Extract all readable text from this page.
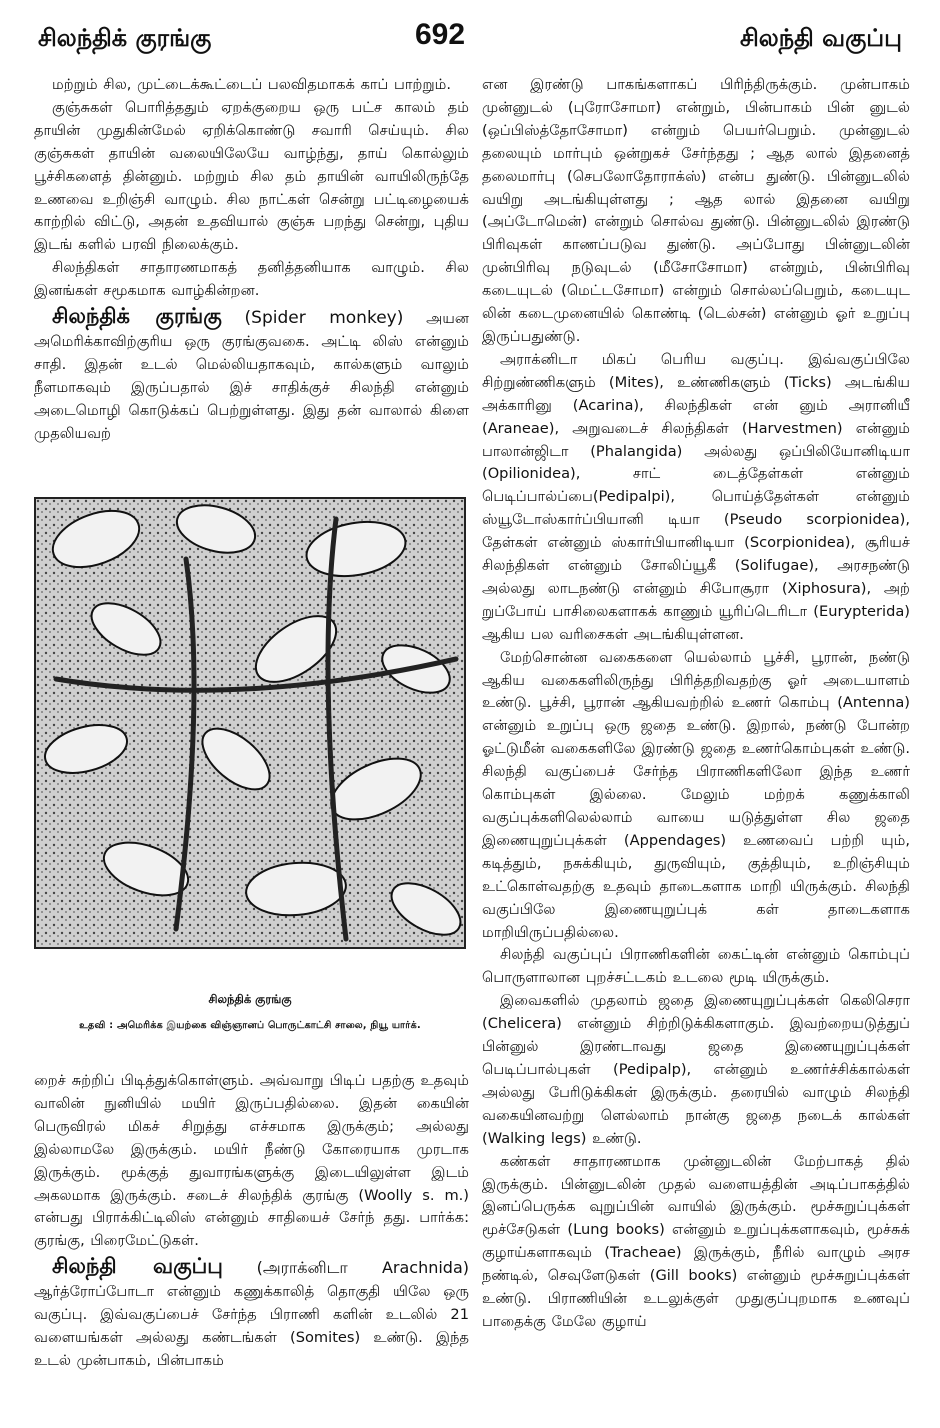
சிலந்திக் குரங்கு	692	சிலந்தி வகுப்பு

மற்றும் சில, முட்டைக்கூட்டைப் பலவிதமாகக் காப் பாற்றும்.

குஞ்சுகள் பொரித்ததும் ஏறக்குறைய ஒரு பட்ச காலம் தம் தாயின் முதுகின்மேல் ஏறிக்கொண்டு சவாரி செய்யும். சில குஞ்சுகள் தாயின் வலையிலேயே வாழ்ந்து, தாய் கொல்லும் பூச்சிகளைத் தின்னும். மற்றும் சில தம் தாயின் வாயிலிருந்தே உணவை உறிஞ்சி வாழும். சில நாட்கள் சென்று பட்டிழையைக் காற்றில் விட்டு, அதன் உதவியால் குஞ்சு பறந்து சென்று, புதிய இடங் களில் பரவி நிலைக்கும்.

சிலந்திகள் சாதாரணமாகத் தனித்தனியாக வாழும். சில இனங்கள் சமூகமாக வாழ்கின்றன.

சிலந்திக் குரங்கு (Spider monkey) அயன அமெரிக்காவிற்குரிய ஒரு குரங்குவகை. அட்டி லிஸ் என்னும் சாதி. இதன் உடல் மெல்லியதாகவும், கால்களும் வாலும் நீளமாகவும் இருப்பதால் இச் சாதிக்குச் சிலந்தி என்னும் அடைமொழி கொடுக்கப் பெற்றுள்ளது. இது தன் வாலால் கிளை முதலியவற்

சிலந்திக் குரங்கு
உதவி : அமெரிக்க இயற்கை விஞ்ஞானப் பொருட்காட்சி சாலை, நியூ யார்க்.

றைச் சுற்றிப் பிடித்துக்கொள்ளும். அவ்வாறு பிடிப் பதற்கு உதவும் வாலின் நுனியில் மயிர் இருப்பதில்லை. இதன் கையின் பெருவிரல் மிகச் சிறுத்து எச்சமாக இருக்கும்; அல்லது இல்லாமலே இருக்கும். மயிர் நீண்டு கோரையாக முரடாக இருக்கும். மூக்குத் துவாரங்களுக்கு இடையிலுள்ள இடம் அகலமாக இருக்கும். சடைச் சிலந்திக் குரங்கு (Woolly s. m.) என்பது பிராக்கிட்டிலிஸ் என்னும் சாதியைச் சேர்ந் தது. பார்க்க: குரங்கு, பிரைமேட்டுகள்.

சிலந்தி வகுப்பு (அராக்னிடா Arachnida) ஆர்த்ரோப்போடா என்னும் கணுக்காலித் தொகுதி யிலே ஒரு வகுப்பு. இவ்வகுப்பைச் சேர்ந்த பிராணி களின் உடலில் 21 வளையங்கள் அல்லது கண்டங்கள் (Somites) உண்டு. இந்த உடல் முன்பாகம், பின்பாகம்

என இரண்டு பாகங்களாகப் பிரிந்திருக்கும். முன்பாகம் முன்னுடல் (புரோசோமா) என்றும், பின்பாகம் பின் னுடல் (ஒப்பிஸ்த்தோசோமா) என்றும் பெயர்பெறும். முன்னுடல் தலையும் மார்பும் ஒன்றுகச் சேர்ந்தது ; ஆத லால் இதனைத் தலைமார்பு (செபலோதோராக்ஸ்) என்ப துண்டு. பின்னுடலில் வயிறு அடங்கியுள்ளது ; ஆத லால் இதனை வயிறு (அப்டோமென்) என்றும் சொல்வ துண்டு. பின்னுடலில் இரண்டு பிரிவுகள் காணப்படுவ துண்டு. அப்போது பின்னுடலின் முன்பிரிவு நடுவுடல் (மீசோசோமா) என்றும், பின்பிரிவு கடையுடல் (மெட்டசோமா) என்றும் சொல்லப்பெறும், கடையுட லின் கடைமுனையில் கொண்டி (டெல்சன்) என்னும் ஓர் உறுப்பு இருப்பதுண்டு.

அராக்னிடா மிகப் பெரிய வகுப்பு. இவ்வகுப்பிலே சிற்றுண்ணிகளும் (Mites), உண்ணிகளும் (Ticks) அடங்கிய அக்காரினு (Acarina), சிலந்திகள் என் னும் அரானியீ (Araneae), அறுவடைச் சிலந்திகள் (Harvestmen) என்னும் பாலான்ஜிடா (Phalangida) அல்லது ஒப்பிலியோனிடியா (Opilionidea), சாட் டைத்தேள்கள் என்னும் பெடிப்பால்ப்பை(Pedipalpi), பொய்த்தேள்கள் என்னும் ஸ்யூடோஸ்கார்ப்பியானி டியா (Pseudo scorpionidea), தேள்கள் என்னும் ஸ்கார்பியானிடியா (Scorpionidea), சூரியச் சிலந்திகள் என்னும் சோலிப்யூகீ (Solifugae), அரசநண்டு அல்லது லாடநண்டு என்னும் சிபோசூரா (Xiphosura), அற் றுப்போய் பாசிலைகளாகக் காணும் யூரிப்டெரிடா (Eurypterida) ஆகிய பல வரிசைகள் அடங்கியுள்ளன.

மேற்சொன்ன வகைகளை யெல்லாம் பூச்சி, பூரான், நண்டு ஆகிய வகைகளிலிருந்து பிரித்தறிவதற்கு ஓர் அடையாளம் உண்டு. பூச்சி, பூரான் ஆகியவற்றில் உணர் கொம்பு (Antenna) என்னும் உறுப்பு ஒரு ஜதை உண்டு. இறால், நண்டு போன்ற ஓட்டுமீன் வகைகளிலே இரண்டு ஜதை உணர்கொம்புகள் உண்டு. சிலந்தி வகுப்பைச் சேர்ந்த பிராணிகளிலோ இந்த உணர் கொம்புகள் இல்லை. மேலும் மற்றக் கணுக்காலி வகுப்புக்களிலெல்லாம் வாயை யடுத்துள்ள சில ஜதை இணையுறுப்புக்கள் (Appendages) உணவைப் பற்றி யும், கடித்தும், நசுக்கியும், துருவியும், குத்தியும், உறிஞ்சியும் உட்கொள்வதற்கு உதவும் தாடைகளாக மாறி யிருக்கும். சிலந்தி வகுப்பிலே இணையுறுப்புக் கள் தாடைகளாக மாறியிருப்பதில்லை.

சிலந்தி வகுப்புப் பிராணிகளின் கைட்டின் என்னும் கொம்புப் பொருளாலான புறச்சட்டகம் உடலை மூடி யிருக்கும்.

இவைகளில் முதலாம் ஜதை இணையுறுப்புக்கள் கெலிசெரா (Chelicera) என்னும் சிற்றிடுக்கிகளாகும். இவற்றையடுத்துப் பின்னுல் இரண்டாவது ஜதை இணையுறுப்புக்கள் பெடிப்பால்புகள் (Pedipalp), என்னும் உணர்ச்சிக்கால்கள் அல்லது பேரிடுக்கிகள் இருக்கும். தரையில் வாழும் சிலந்தி வகையினவற்று ளெல்லாம் நான்கு ஜதை நடைக் கால்கள் (Walking legs) உண்டு.

கண்கள் சாதாரணமாக முன்னுடலின் மேற்பாகத் தில் இருக்கும். பின்னுடலின் முதல் வளையத்தின் அடிப்பாகத்தில் இனப்பெருக்க வுறுப்பின் வாயில் இருக்கும். மூச்சுறுப்புக்கள் மூச்சேடுகள் (Lung books) என்னும் உறுப்புக்களாகவும், மூச்சுக் குழாய்களாகவும் (Tracheae) இருக்கும், நீரில் வாழும் அரச நண்டில், செவுளேடுகள் (Gill books) என்னும் மூச்சுறுப்புக்கள் உண்டு. பிராணியின் உடலுக்குள் முதுகுப்புறமாக உணவுப் பாதைக்கு மேலே குழாய்
